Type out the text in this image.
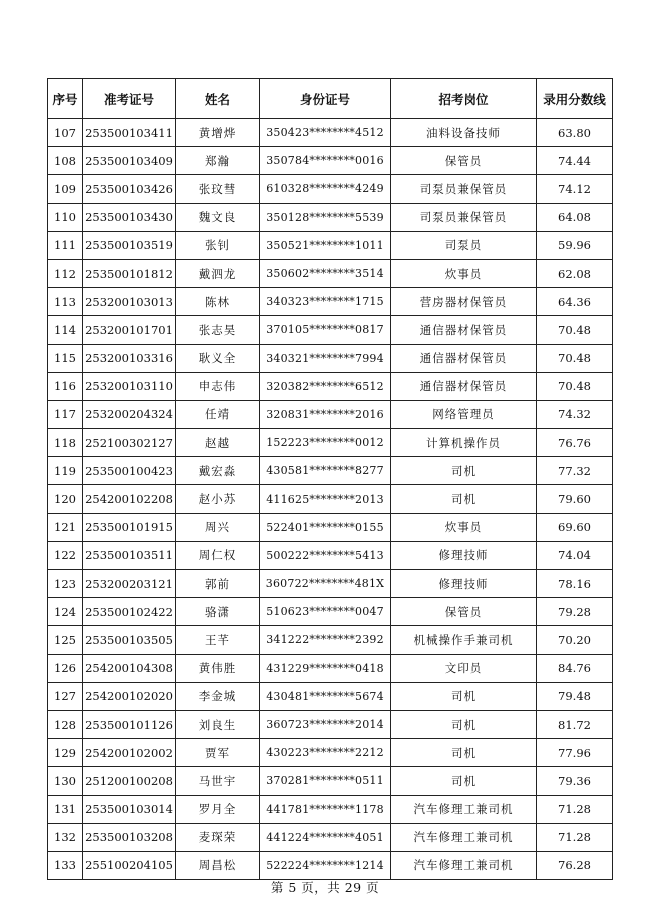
序号	准考证号	姓名	身份证号	招考岗位	录用分数线
107	253500103411	黄增烨	350423********4512	油料设备技师	63.80
108	253500103409	郑瀚	350784********0016	保管员	74.44
109	253500103426	张玟彗	610328********4249	司泵员兼保管员	74.12
110	253500103430	魏文良	350128********5539	司泵员兼保管员	64.08
111	253500103519	张钊	350521********1011	司泵员	59.96
112	253500101812	戴泗龙	350602********3514	炊事员	62.08
113	253200103013	陈林	340323********1715	营房器材保管员	64.36
114	253200101701	张志昊	370105********0817	通信器材保管员	70.48
115	253200103316	耿义全	340321********7994	通信器材保管员	70.48
116	253200103110	申志伟	320382********6512	通信器材保管员	70.48
117	253200204324	任靖	320831********2016	网络管理员	74.32
118	252100302127	赵越	152223********0012	计算机操作员	76.76
119	253500100423	戴宏淼	430581********8277	司机	77.32
120	254200102208	赵小苏	411625********2013	司机	79.60
121	253500101915	周兴	522401********0155	炊事员	69.60
122	253500103511	周仁权	500222********5413	修理技师	74.04
123	253200203121	郭前	360722********481X	修理技师	78.16
124	253500102422	骆潇	510623********0047	保管员	79.28
125	253500103505	王芊	341222********2392	机械操作手兼司机	70.20
126	254200104308	黄伟胜	431229********0418	文印员	84.76
127	254200102020	李金城	430481********5674	司机	79.48
128	253500101126	刘良生	360723********2014	司机	81.72
129	254200102002	贾军	430223********2212	司机	77.96
130	251200100208	马世宇	370281********0511	司机	79.36
131	253500103014	罗月全	441781********1178	汽车修理工兼司机	71.28
132	253500103208	麦琛荣	441224********4051	汽车修理工兼司机	71.28
133	255100204105	周昌松	522224********1214	汽车修理工兼司机	76.28
第 5 页，共 29 页
